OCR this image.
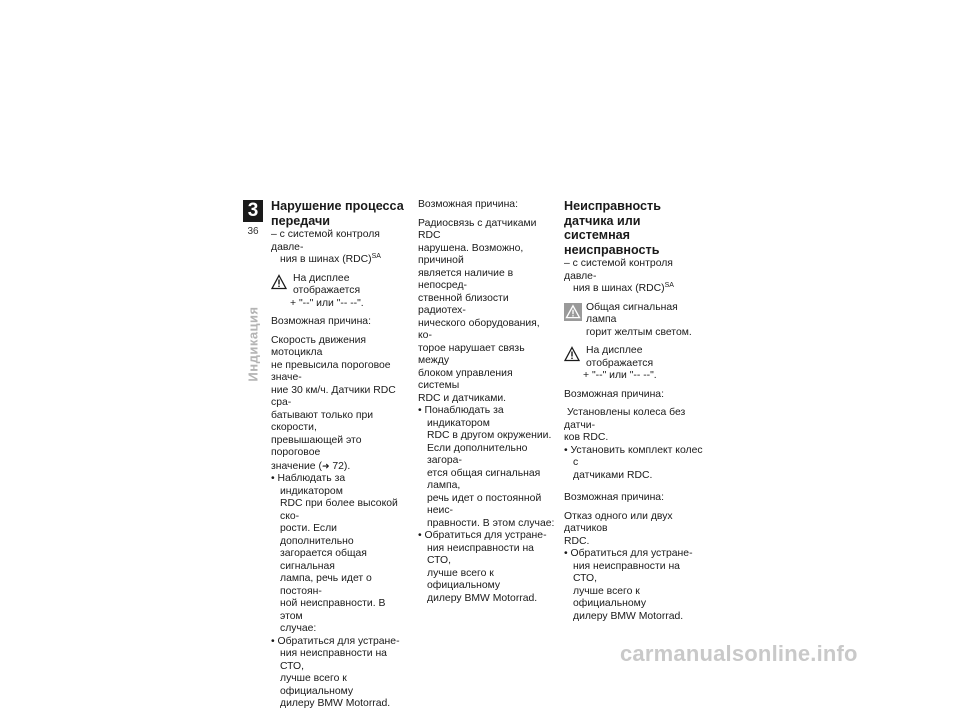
3
36
Индикация
Нарушение процесса
передачи

– с системой контроля давле-
ния в шинах (RDC)$^{SA}$

На дисплее отображается

+ "--" или "-- --".

Возможная причина:

Скорость движения мотоцикла
не превысила пороговое значе-
ние 30 км/ч. Датчики RDC сра-
батывают только при скорости,
превышающей это пороговое
значение (➜ 72).

• Наблюдать за индикатором
RDC при более высокой ско-
рости. Если дополнительно
загорается общая сигнальная
лампа, речь идет о постоян-
ной неисправности. В этом
случае:

• Обратиться для устране-
ния неисправности на СТО,
лучше всего к официальному
дилеру BMW Motorrad.

Возможная причина:

Радиосвязь с датчиками RDC
нарушена. Возможно, причиной
является наличие в непосред-
ственной близости радиотех-
нического оборудования, ко-
торое нарушает связь между
блоком управления системы
RDC и датчиками.

• Понаблюдать за индикатором
RDC в другом окружении.
Если дополнительно загора-
ется общая сигнальная лампа,
речь идет о постоянной неис-
правности. В этом случае:

• Обратиться для устране-
ния неисправности на СТО,
лучше всего к официальному
дилеру BMW Motorrad.

Неисправность
датчика или системная
неисправность

– с системой контроля давле-
ния в шинах (RDC)$^{SA}$

Общая сигнальная лампа

горит желтым светом.

На дисплее отображается

+ "--" или "-- --".

Возможная причина:

Установлены колеса без датчи-
ков RDC.

• Установить комплект колес с
датчиками RDC.

Возможная причина:

Отказ одного или двух датчиков
RDC.

• Обратиться для устране-
ния неисправности на СТО,
лучше всего к официальному
дилеру BMW Motorrad.

carmanualsonline.info
